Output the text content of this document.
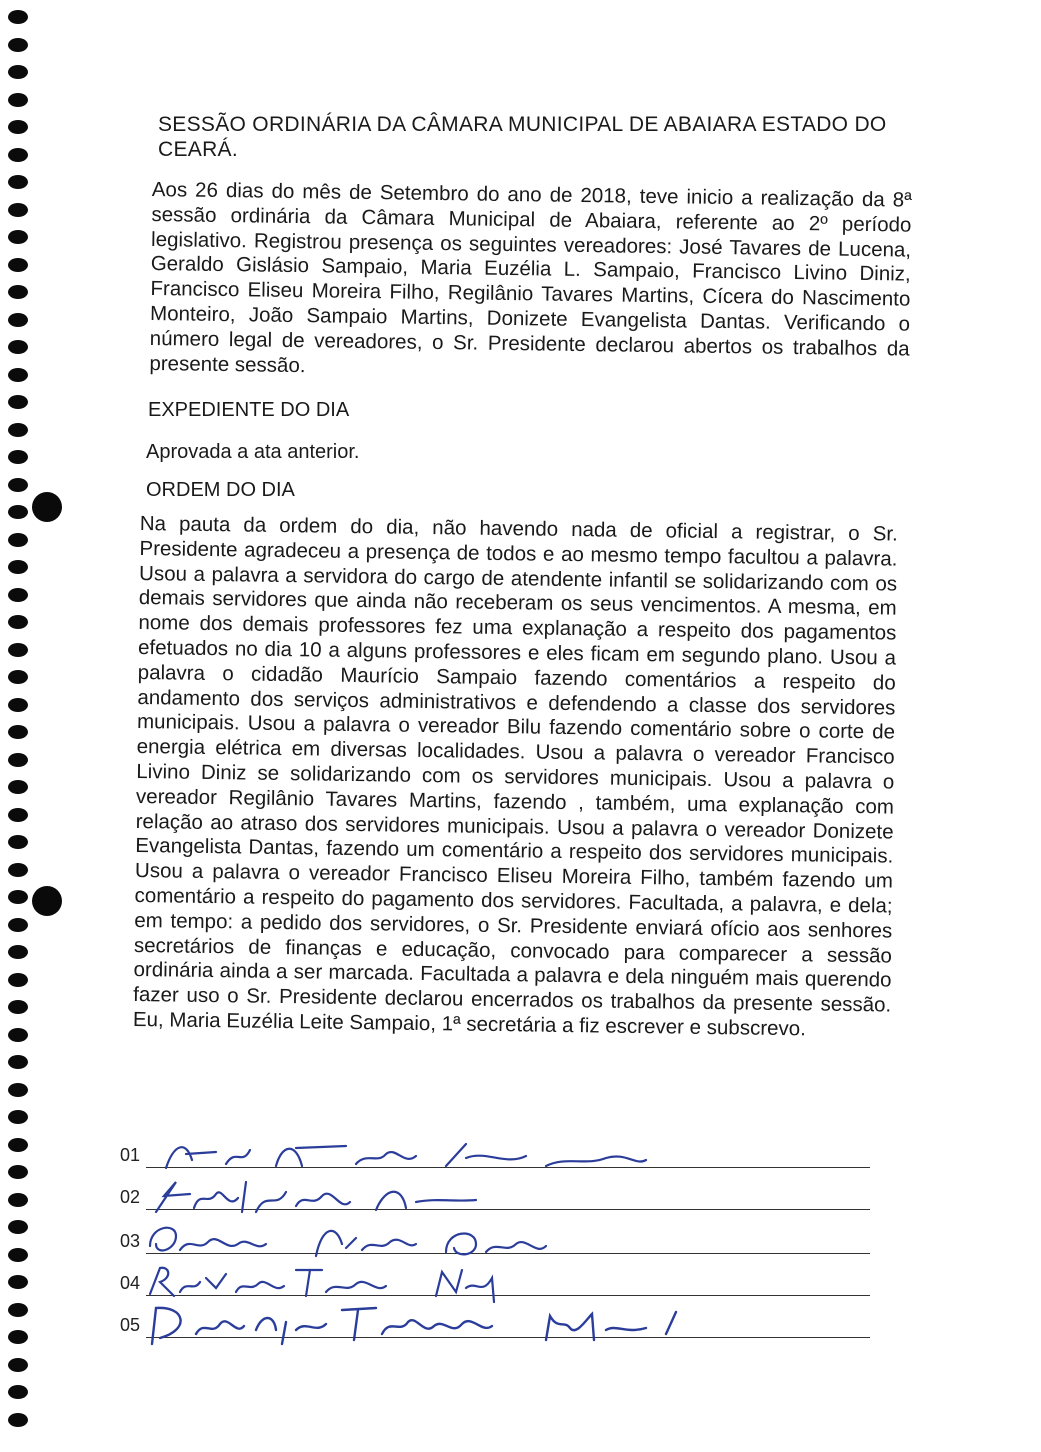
SESSÃO ORDINÁRIA DA CÂMARA MUNICIPAL DE ABAIARA ESTADO DO CEARÁ.
Aos 26 dias do mês de Setembro do ano de 2018, teve inicio a realização da 8ª sessão ordinária da Câmara Municipal de Abaiara, referente ao 2º período legislativo. Registrou presença os seguintes vereadores: José Tavares de Lucena, Geraldo Gislásio Sampaio, Maria Euzélia L. Sampaio, Francisco Livino Diniz, Francisco Eliseu Moreira Filho, Regilânio Tavares Martins, Cícera do Nascimento Monteiro, João Sampaio Martins, Donizete Evangelista Dantas. Verificando o número legal de vereadores, o Sr. Presidente declarou abertos os trabalhos da presente sessão.
EXPEDIENTE DO DIA
Aprovada a ata anterior.
ORDEM DO DIA
Na pauta da ordem do dia, não havendo nada de oficial a registrar, o Sr. Presidente agradeceu a presença de todos e ao mesmo tempo facultou a palavra. Usou a palavra a servidora do cargo de atendente infantil se solidarizando com os demais servidores que ainda não receberam os seus vencimentos. A mesma, em nome dos demais professores fez uma explanação a respeito dos pagamentos efetuados no dia 10 a alguns professores e eles ficam em segundo plano. Usou a palavra o cidadão Maurício Sampaio fazendo comentários a respeito do andamento dos serviços administrativos e defendendo a classe dos servidores municipais. Usou a palavra o vereador Bilu fazendo comentário sobre o corte de energia elétrica em diversas localidades. Usou a palavra o vereador Francisco Livino Diniz se solidarizando com os servidores municipais. Usou a palavra o vereador Regilânio Tavares Martins, fazendo , também, uma explanação com relação ao atraso dos servidores municipais. Usou a palavra o vereador Donizete Evangelista Dantas, fazendo um comentário a respeito dos servidores municipais. Usou a palavra o vereador Francisco Eliseu Moreira Filho, também fazendo um comentário a respeito do pagamento dos servidores. Facultada, a palavra, e dela; em tempo: a pedido dos servidores, o Sr. Presidente enviará ofício aos senhores secretários de finanças e educação, convocado para comparecer a sessão ordinária ainda a ser marcada. Facultada a palavra e dela ninguém mais querendo fazer uso o Sr. Presidente declarou encerrados os trabalhos da presente sessão. Eu, Maria Euzélia Leite Sampaio, 1ª secretária a fiz escrever e subscrevo.
01
02
03
04
05
